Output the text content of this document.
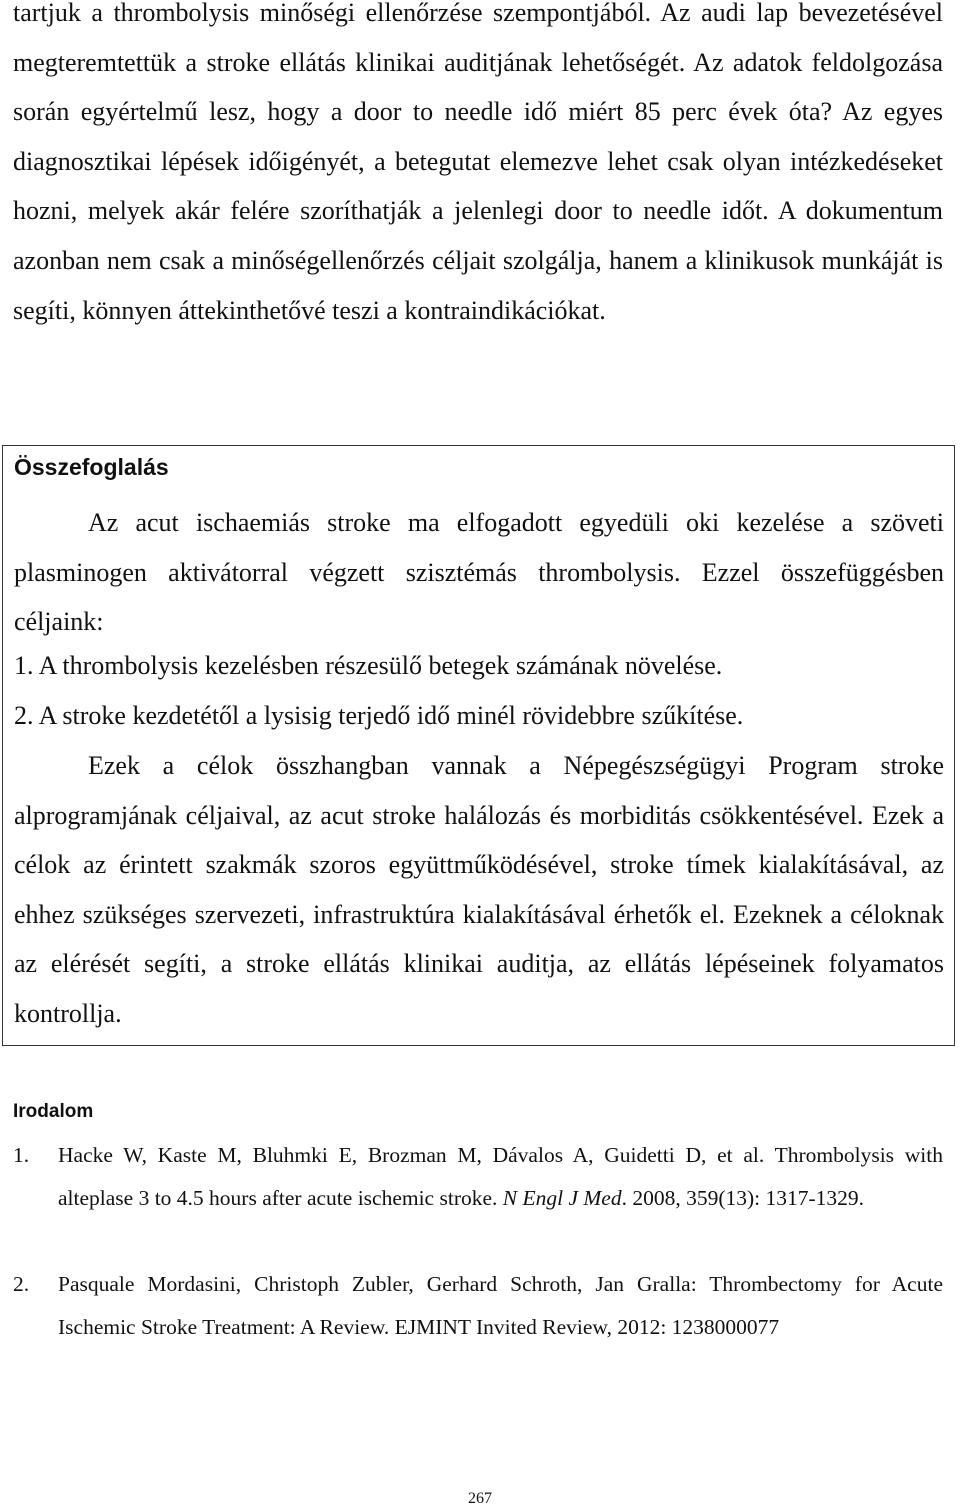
tartjuk a thrombolysis minőségi ellenőrzése szempontjából. Az audi lap bevezetésével megteremtettük a stroke ellátás klinikai auditjának lehetőségét. Az adatok feldolgozása során egyértelmű lesz, hogy a door to needle idő miért 85 perc évek óta? Az egyes diagnosztikai lépések időigényét, a betegutat elemezve lehet csak olyan intézkedéseket hozni, melyek akár felére szoríthatják a jelenlegi door to needle időt. A dokumentum azonban nem csak a minőségellenőrzés céljait szolgálja, hanem a klinikusok munkáját is segíti, könnyen áttekinthetővé teszi a kontraindikációkat.

Összefoglalás

Az acut ischaemiás stroke ma elfogadott egyedüli oki kezelése a szöveti plasminogen aktivátorral végzett szisztémás thrombolysis. Ezzel összefüggésben céljaink:

1. A thrombolysis kezelésben részesülő betegek számának növelése.

2. A stroke kezdetétől a lysisig terjedő idő minél rövidebbre szűkítése.

Ezek a célok összhangban vannak a Népegészségügyi Program stroke alprogramjának céljaival, az acut stroke halálozás és morbiditás csökkentésével. Ezek a célok az érintett szakmák szoros együttműködésével, stroke tímek kialakításával, az ehhez szükséges szervezeti, infrastruktúra kialakításával érhetők el. Ezeknek a céloknak az elérését segíti, a stroke ellátás klinikai auditja, az ellátás lépéseinek folyamatos kontrollja.

Irodalom
1. Hacke W, Kaste M, Bluhmki E, Brozman M, Dávalos A, Guidetti D, et al. Thrombolysis with alteplase 3 to 4.5 hours after acute ischemic stroke. N Engl J Med. 2008, 359(13): 1317-1329.
2. Pasquale Mordasini, Christoph Zubler, Gerhard Schroth, Jan Gralla: Thrombectomy for Acute Ischemic Stroke Treatment: A Review. EJMINT Invited Review, 2012: 1238000077
267
